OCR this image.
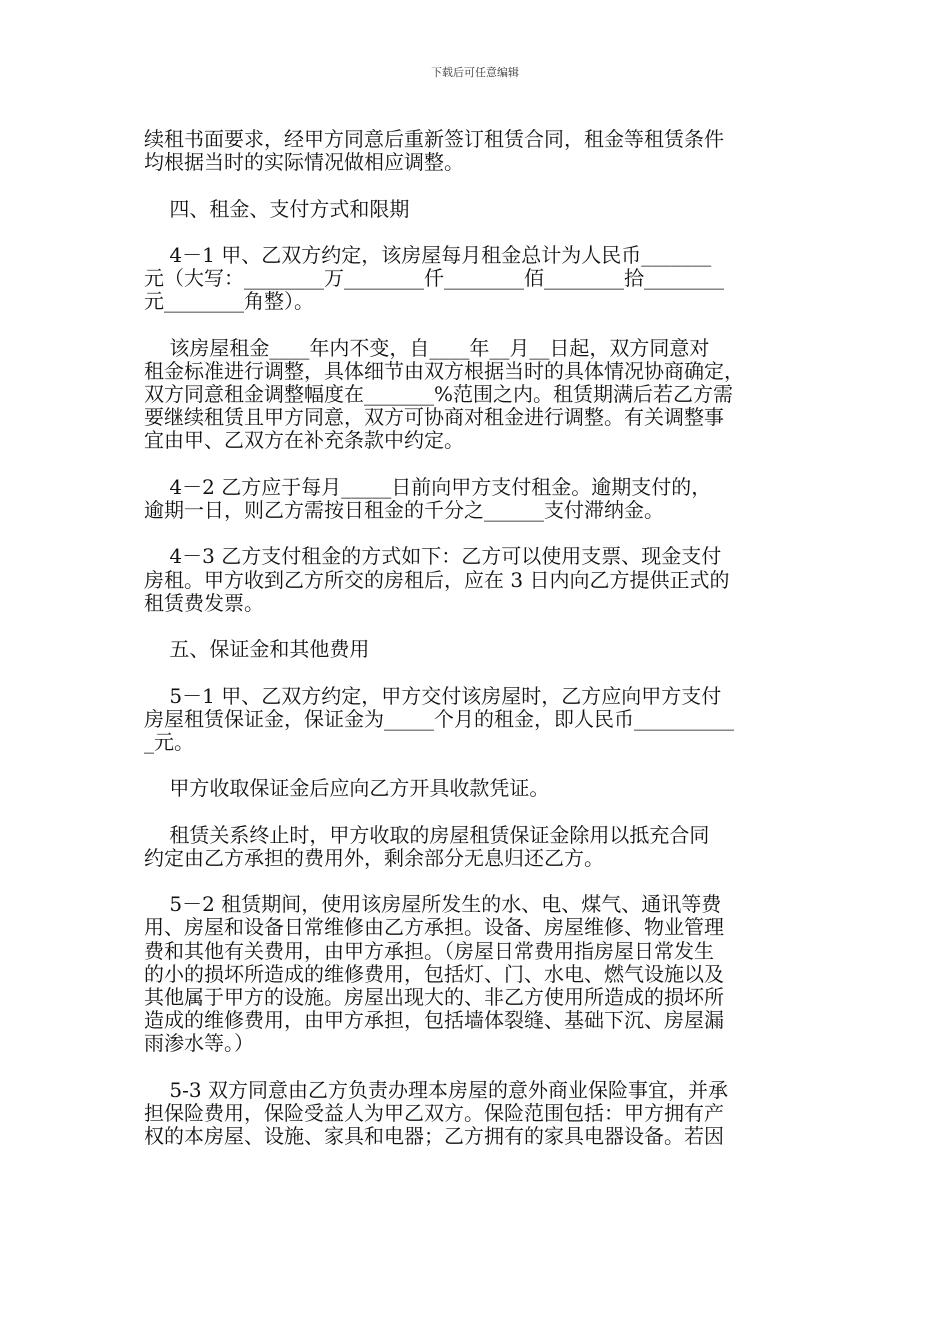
下载后可任意编辑
续租书面要求，经甲方同意后重新签订租赁合同，租金等租赁条件
均根据当时的实际情况做相应调整。
四、租金、支付方式和限期
4－1 甲、乙双方约定，该房屋每月租金总计为人民币_______
元（大写：________万________仟________佰________拾________
元________角整）。
该房屋租金____年内不变，自____年__月__日起，双方同意对
租金标准进行调整，具体细节由双方根据当时的具体情况协商确定，
双方同意租金调整幅度在_______%范围之内。租赁期满后若乙方需
要继续租赁且甲方同意，双方可协商对租金进行调整。有关调整事
宜由甲、乙双方在补充条款中约定。
4－2 乙方应于每月_____日前向甲方支付租金。逾期支付的，
逾期一日，则乙方需按日租金的千分之______支付滞纳金。
4－3 乙方支付租金的方式如下：乙方可以使用支票、现金支付
房租。甲方收到乙方所交的房租后，应在 3 日内向乙方提供正式的
租赁费发票。
五、保证金和其他费用
5－1 甲、乙双方约定，甲方交付该房屋时，乙方应向甲方支付
房屋租赁保证金，保证金为_____个月的租金，即人民币__________
_元。
甲方收取保证金后应向乙方开具收款凭证。
租赁关系终止时，甲方收取的房屋租赁保证金除用以抵充合同
约定由乙方承担的费用外，剩余部分无息归还乙方。
5－2 租赁期间，使用该房屋所发生的水、电、煤气、通讯等费
用、房屋和设备日常维修由乙方承担。设备、房屋维修、物业管理
费和其他有关费用，由甲方承担。（房屋日常费用指房屋日常发生
的小的损坏所造成的维修费用，包括灯、门、水电、燃气设施以及
其他属于甲方的设施。房屋出现大的、非乙方使用所造成的损坏所
造成的维修费用，由甲方承担，包括墙体裂缝、基础下沉、房屋漏
雨渗水等。）
5-3 双方同意由乙方负责办理本房屋的意外商业保险事宜，并承
担保险费用，保险受益人为甲乙双方。保险范围包括：甲方拥有产
权的本房屋、设施、家具和电器；乙方拥有的家具电器设备。若因
